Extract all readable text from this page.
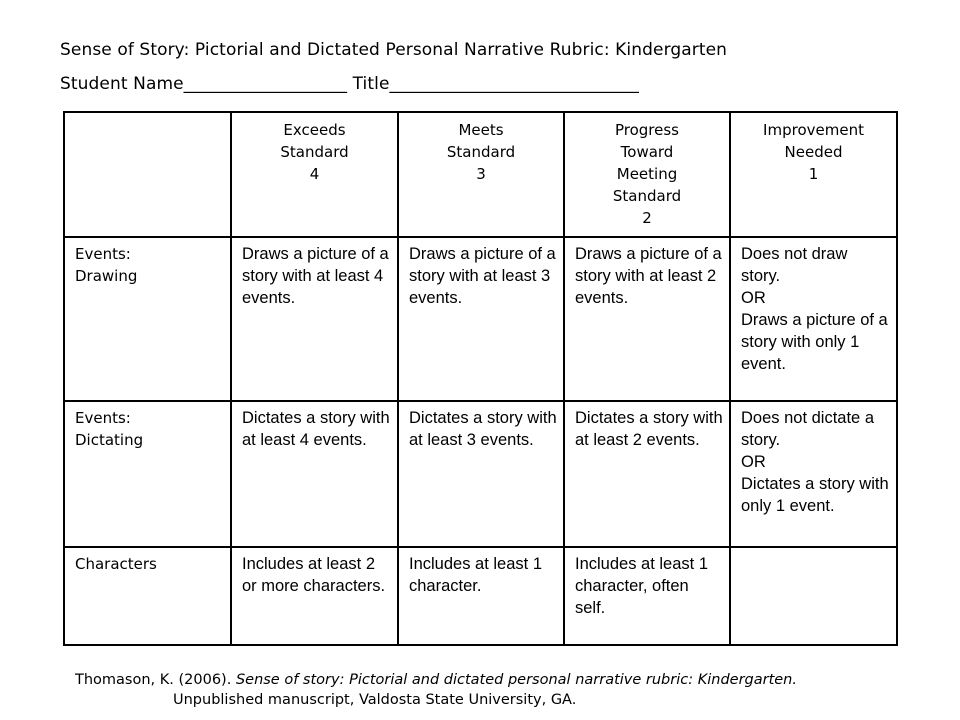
Sense of Story: Pictorial and Dictated Personal Narrative Rubric: Kindergarten
Student Name___________________ Title_____________________________

	Exceeds
Standard
4	Meets
Standard
3	Progress
Toward
Meeting
Standard
2	Improvement
Needed
1

Events:
Drawing	Draws a picture of a story with at least 4 events.	Draws a picture of a story with at least 3 events.	Draws a picture of a story with at least 2 events.	Does not draw story.
OR
Draws a picture of a story with only 1 event.

Events:
Dictating	Dictates a story with at least 4 events.	Dictates a story with at least 3 events.	Dictates a story with at least 2 events.	Does not dictate a story.
OR
Dictates a story with only 1 event.

Characters	Includes at least 2 or more characters.	Includes at least 1 character.	Includes at least 1 character, often self.	

Thomason, K. (2006). Sense of story: Pictorial and dictated personal narrative rubric: Kindergarten.
Unpublished manuscript, Valdosta State University, GA.
